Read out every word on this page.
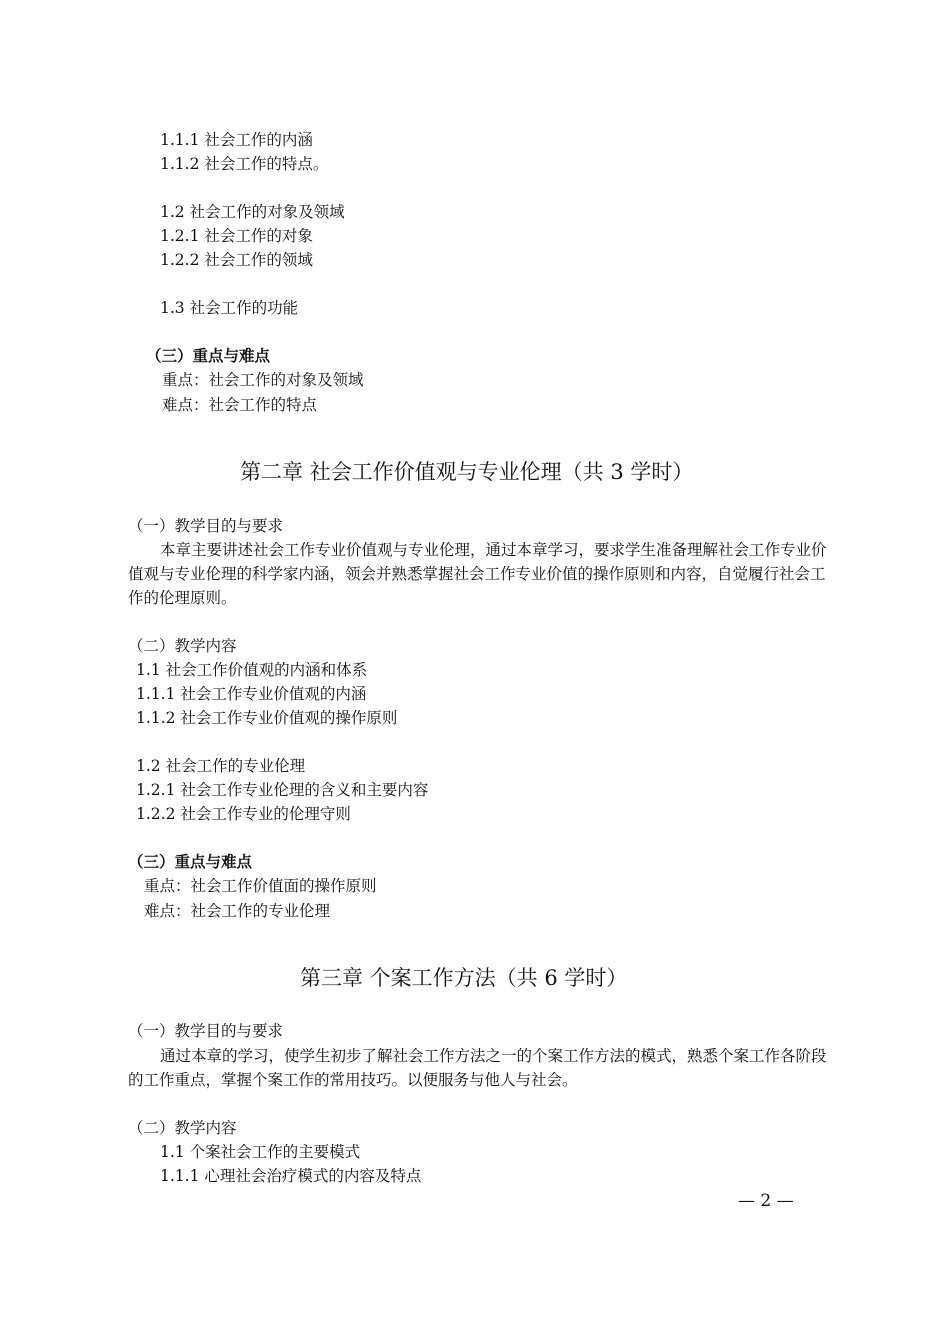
1.1.1 社会工作的内涵
1.1.2 社会工作的特点。
1.2 社会工作的对象及领域
1.2.1 社会工作的对象
1.2.2 社会工作的领域
1.3 社会工作的功能
（三）重点与难点
重点：社会工作的对象及领域
难点：社会工作的特点
第二章 社会工作价值观与专业伦理（共 3 学时）
（一）教学目的与要求
本章主要讲述社会工作专业价值观与专业伦理，通过本章学习，要求学生准备理解社会工作专业价值观与专业伦理的科学家内涵，领会并熟悉掌握社会工作专业价值的操作原则和内容，自觉履行社会工作的伦理原则。
（二）教学内容
1.1 社会工作价值观的内涵和体系
1.1.1 社会工作专业价值观的内涵
1.1.2 社会工作专业价值观的操作原则
1.2 社会工作的专业伦理
1.2.1 社会工作专业伦理的含义和主要内容
1.2.2 社会工作专业的伦理守则
（三）重点与难点
重点：社会工作价值面的操作原则
难点：社会工作的专业伦理
第三章 个案工作方法（共 6 学时）
（一）教学目的与要求
通过本章的学习，使学生初步了解社会工作方法之一的个案工作方法的模式，熟悉个案工作各阶段的工作重点，掌握个案工作的常用技巧。以便服务与他人与社会。
（二）教学内容
1.1 个案社会工作的主要模式
1.1.1 心理社会治疗模式的内容及特点
— 2 —
